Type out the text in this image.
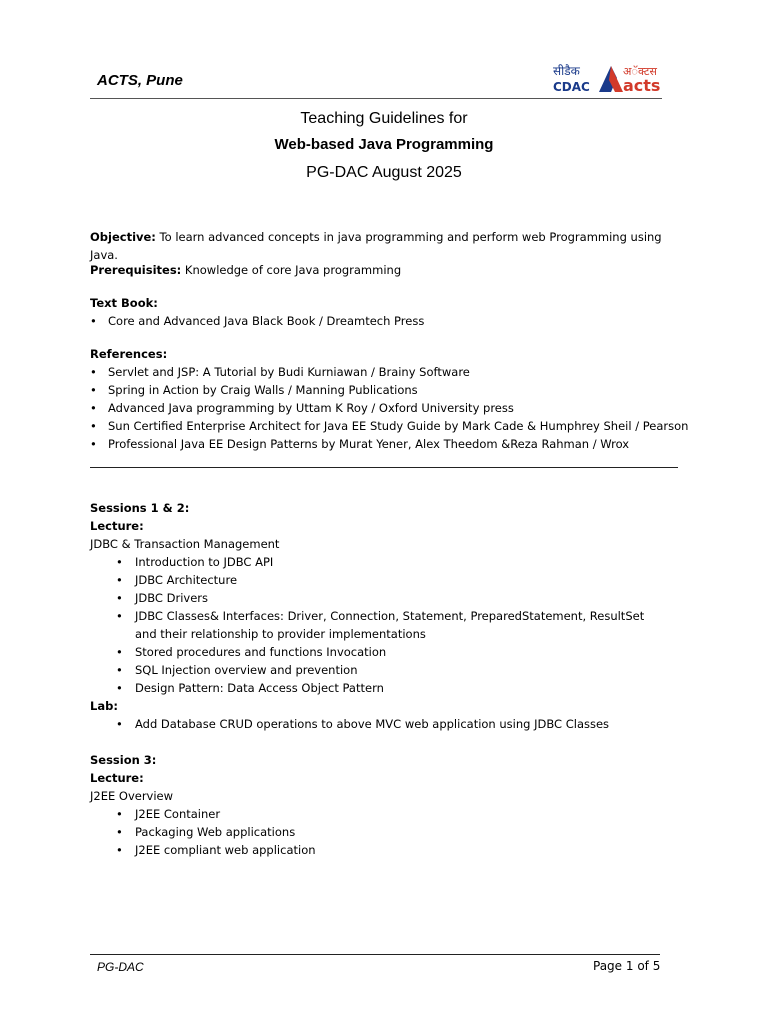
ACTS, Pune
सीडैक
CDAC
अॅक्टस
acts
Teaching Guidelines for
Web-based Java Programming
PG-DAC August 2025
Objective: To learn advanced concepts in java programming and perform web Programming using Java.
Prerequisites: Knowledge of core Java programming
Text Book:
• Core and Advanced Java Black Book / Dreamtech Press
References:
• Servlet and JSP: A Tutorial by Budi Kurniawan / Brainy Software
• Spring in Action by Craig Walls / Manning Publications
• Advanced Java programming by Uttam K Roy / Oxford University press
• Sun Certified Enterprise Architect for Java EE Study Guide by Mark Cade & Humphrey Sheil / Pearson
• Professional Java EE Design Patterns by Murat Yener, Alex Theedom &Reza Rahman / Wrox
Sessions 1 & 2:
Lecture:
JDBC & Transaction Management
• Introduction to JDBC API
• JDBC Architecture
• JDBC Drivers
• JDBC Classes& Interfaces: Driver, Connection, Statement, PreparedStatement, ResultSet and their relationship to provider implementations
• Stored procedures and functions Invocation
• SQL Injection overview and prevention
• Design Pattern: Data Access Object Pattern
Lab:
• Add Database CRUD operations to above MVC web application using JDBC Classes
Session 3:
Lecture:
J2EE Overview
• J2EE Container
• Packaging Web applications
• J2EE compliant web application
PG-DAC	Page 1 of 5
